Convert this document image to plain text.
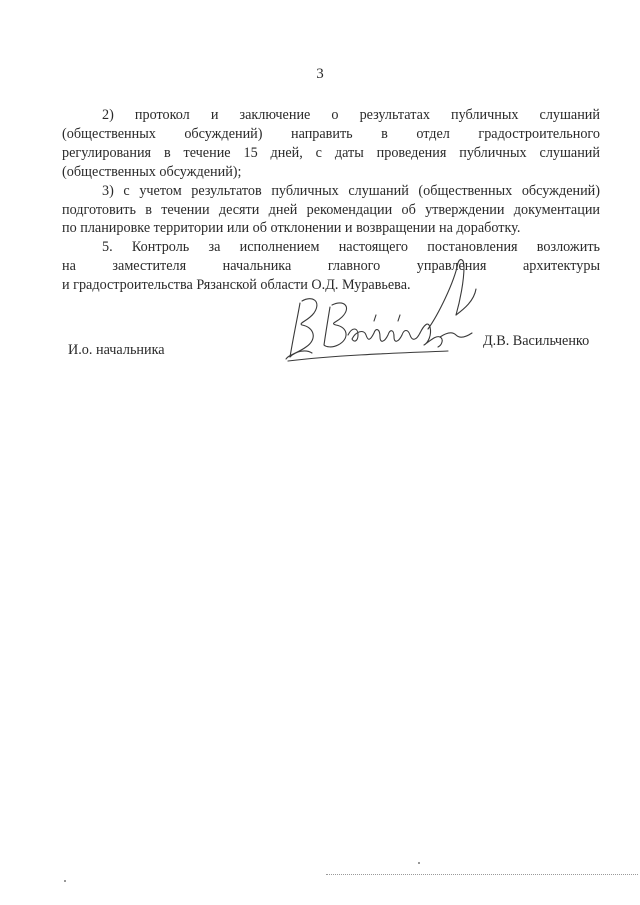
3
2) протокол и заключение о результатах публичных слушаний
(общественных обсуждений) направить в отдел градостроительного
регулирования в течение 15 дней, с даты проведения публичных слушаний
(общественных обсуждений);
3) с учетом результатов публичных слушаний (общественных обсуждений)
подготовить в течении десяти дней рекомендации об утверждении документации
по планировке территории или об отклонении и возвращении на доработку.
5. Контроль за исполнением настоящего постановления возложить
на заместителя начальника главного управления архитектуры
и градостроительства Рязанской области О.Д. Муравьева.
И.о. начальника
Д.В. Васильченко
